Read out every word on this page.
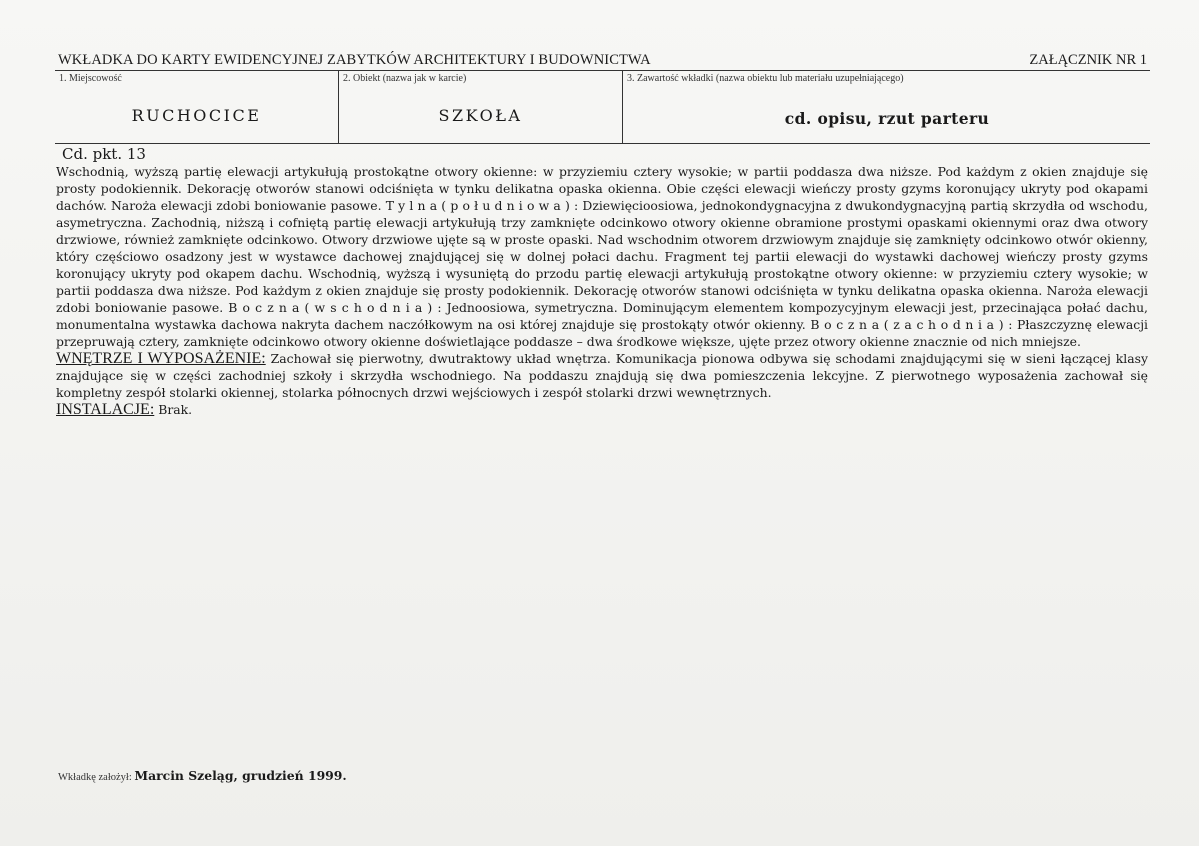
WKŁADKA DO KARTY EWIDENCYJNEJ ZABYTKÓW ARCHITEKTURY I BUDOWNICTWA	ZAŁĄCZNIK NR 1
1. Miejscowość
RUCHOCICE
2. Obiekt (nazwa jak w karcie)
SZKOŁA
3. Zawartość wkładki (nazwa obiektu lub materiału uzupełniającego)
cd. opisu, rzut parteru
Cd. pkt. 13

Wschodnią, wyższą partię elewacji artykułują prostokątne otwory okienne: w przyziemiu cztery wysokie; w partii poddasza dwa niższe. Pod każdym z okien znajduje się prosty podokiennik. Dekorację otworów stanowi odciśnięta w tynku delikatna opaska okienna. Obie części elewacji wieńczy prosty gzyms koronujący ukryty pod okapami dachów. Naroża elewacji zdobi boniowanie pasowe. T y l n a ( p o ł u d n i o w a ) : Dziewięcioosiowa, jednokondygnacyjna z dwukondygnacyjną partią skrzydła od wschodu, asymetryczna. Zachodnią, niższą i cofniętą partię elewacji artykułują trzy zamknięte odcinkowo otwory okienne obramione prostymi opaskami okiennymi oraz dwa otwory drzwiowe, również zamknięte odcinkowo. Otwory drzwiowe ujęte są w proste opaski. Nad wschodnim otworem drzwiowym znajduje się zamknięty odcinkowo otwór okienny, który częściowo osadzony jest w wystawce dachowej znajdującej się w dolnej połaci dachu. Fragment tej partii elewacji do wystawki dachowej wieńczy prosty gzyms koronujący ukryty pod okapem dachu. Wschodnią, wyższą i wysuniętą do przodu partię elewacji artykułują prostokątne otwory okienne: w przyziemiu cztery wysokie; w partii poddasza dwa niższe. Pod każdym z okien znajduje się prosty podokiennik. Dekorację otworów stanowi odciśnięta w tynku delikatna opaska okienna. Naroża elewacji zdobi boniowanie pasowe. B o c z n a ( w s c h o d n i a ) : Jednoosiowa, symetryczna. Dominującym elementem kompozycyjnym elewacji jest, przecinająca połać dachu, monumentalna wystawka dachowa nakryta dachem naczółkowym na osi której znajduje się prostokąty otwór okienny. B o c z n a ( z a c h o d n i a ) : Płaszczyznę elewacji przepruwają cztery, zamknięte odcinkowo otwory okienne doświetlające poddasze – dwa środkowe większe, ujęte przez otwory okienne znacznie od nich mniejsze.

WNĘTRZE I WYPOSAŻENIE: Zachował się pierwotny, dwutraktowy układ wnętrza. Komunikacja pionowa odbywa się schodami znajdującymi się w sieni łączącej klasy znajdujące się w części zachodniej szkoły i skrzydła wschodniego. Na poddaszu znajdują się dwa pomieszczenia lekcyjne. Z pierwotnego wyposażenia zachował się kompletny zespół stolarki okiennej, stolarka północnych drzwi wejściowych i zespół stolarki drzwi wewnętrznych.

INSTALACJE: Brak.

Wkładkę założył: Marcin Szeląg, grudzień 1999.
